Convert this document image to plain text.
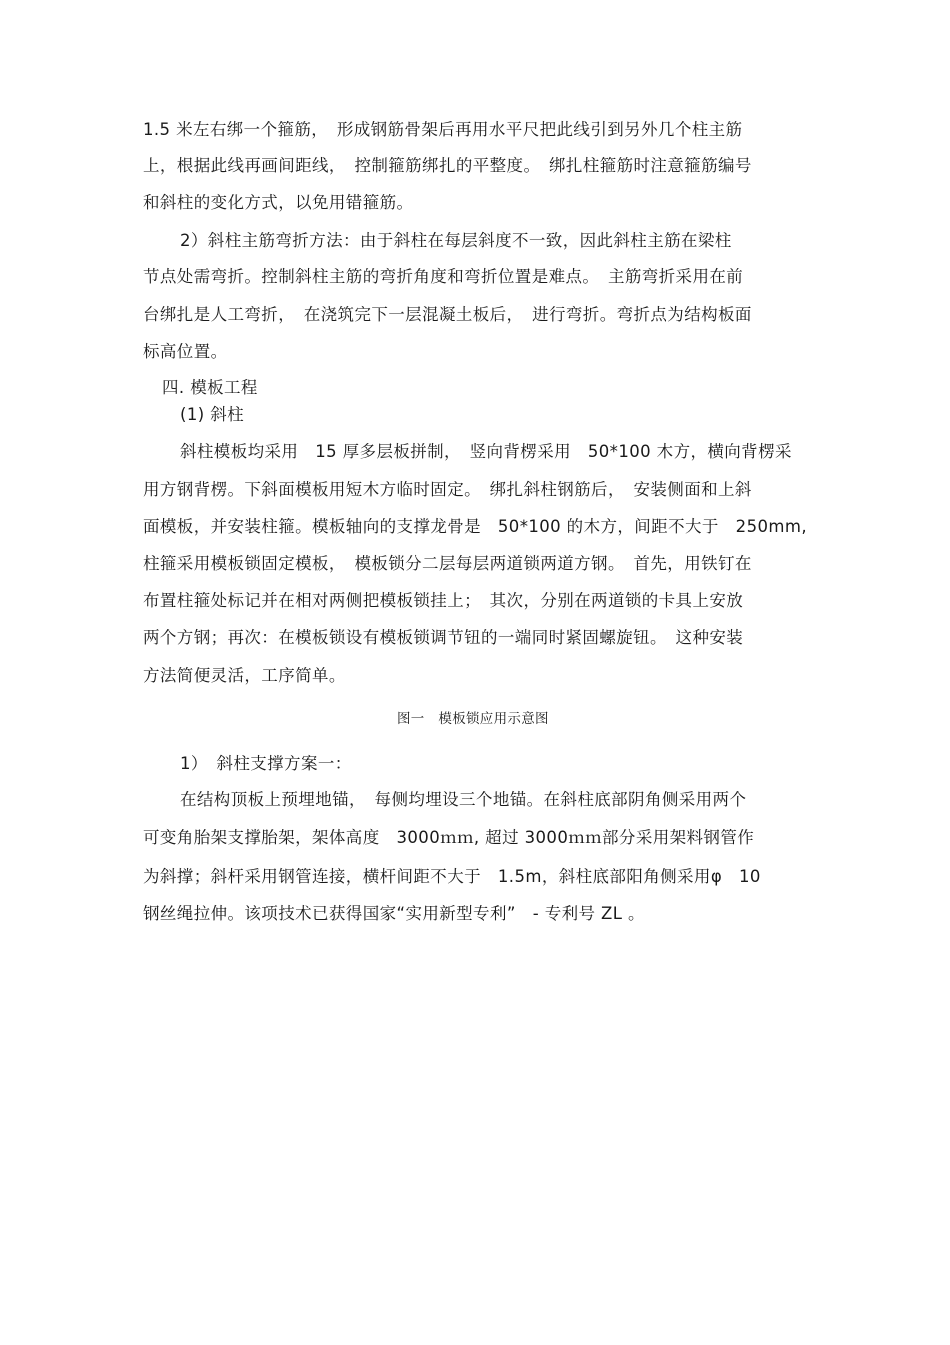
1.5 米左右绑一个箍筋，　形成钢筋骨架后再用水平尺把此线引到另外几个柱主筋
上，根据此线再画间距线，　控制箍筋绑扎的平整度。　绑扎柱箍筋时注意箍筋编号
和斜柱的变化方式，以免用错箍筋。
2）斜柱主筋弯折方法：由于斜柱在每层斜度不一致，因此斜柱主筋在梁柱
节点处需弯折。控制斜柱主筋的弯折角度和弯折位置是难点。　主筋弯折采用在前
台绑扎是人工弯折，　在浇筑完下一层混凝土板后，　进行弯折。弯折点为结构板面
标高位置。
四. 模板工程
(1) 斜柱
斜柱模板均采用　15 厚多层板拼制，　竖向背楞采用　50*100 木方，横向背楞采
用方钢背楞。下斜面模板用短木方临时固定。　绑扎斜柱钢筋后，　安装侧面和上斜
面模板，并安装柱箍。模板轴向的支撑龙骨是　50*100 的木方，间距不大于　250mm,
柱箍采用模板锁固定模板，　模板锁分二层每层两道锁两道方钢。　首先，用铁钉在
布置柱箍处标记并在相对两侧把模板锁挂上；　其次，分别在两道锁的卡具上安放
两个方钢；再次：在模板锁设有模板锁调节钮的一端同时紧固螺旋钮。　这种安装
方法简便灵活，工序简单。
图一　模板锁应用示意图
1）　斜柱支撑方案一：
在结构顶板上预埋地锚，　每侧均埋设三个地锚。在斜柱底部阴角侧采用两个
可变角胎架支撑胎架，架体高度　3000ｍｍ, 超过 3000ｍｍ部分采用架料钢管作
为斜撑；斜杆采用钢管连接，横杆间距不大于　1.5m，斜柱底部阳角侧采用φ　10
钢丝绳拉伸。该项技术已获得国家“实用新型专利”　- 专利号 ZL 。
